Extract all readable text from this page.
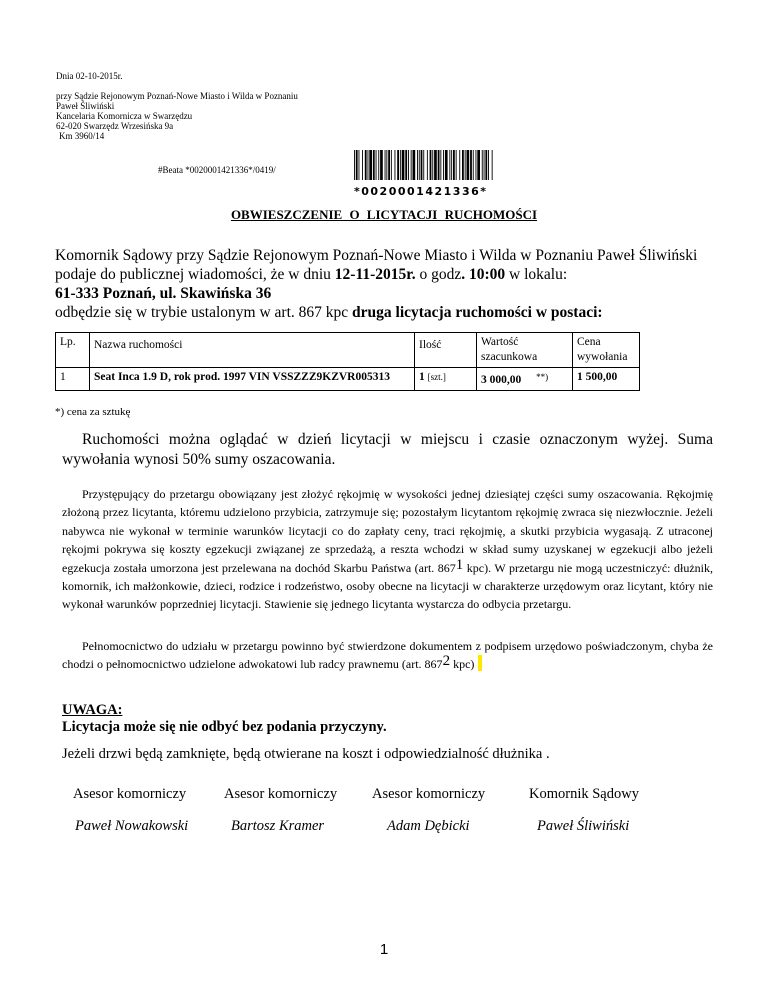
Dnia 02-10-2015r.
przy Sądzie Rejonowym Poznań-Nowe Miasto i Wilda w Poznaniu
Paweł Śliwiński
Kancelaria Komornicza w Swarzędzu
62-020 Swarzędz Wrzesińska 9a
Km 3960/14
#Beata *0020001421336*/0419/
*0020001421336*
OBWIESZCZENIE O LICYTACJI RUCHOMOŚCI
Komornik Sądowy przy Sądzie Rejonowym Poznań-Nowe Miasto i Wilda w Poznaniu Paweł Śliwiński
podaje do publicznej wiadomości, że w dniu 12-11-2015r. o godz. 10:00 w lokalu:
61-333 Poznań, ul. Skawińska 36
odbędzie się w trybie ustalonym w art. 867 kpc druga licytacja ruchomości w postaci:
Lp.	Nazwa ruchomości	Ilość	Wartość szacunkowa	Cena wywołania
1	Seat Inca 1.9 D, rok prod. 1997 VIN VSSZZZ9KZVR005313	1 [szt.]	3 000,00 **)	1 500,00
*) cena za sztukę
Ruchomości można oglądać w dzień licytacji w miejscu i czasie oznaczonym wyżej. Suma wywołania wynosi 50% sumy oszacowania.
Przystępujący do przetargu obowiązany jest złożyć rękojmię w wysokości jednej dziesiątej części sumy oszacowania. Rękojmię złożoną przez licytanta, któremu udzielono przybicia, zatrzymuje się; pozostałym licytantom rękojmię zwraca się niezwłocznie. Jeżeli nabywca nie wykonał w terminie warunków licytacji co do zapłaty ceny, traci rękojmię, a skutki przybicia wygasają. Z utraconej rękojmi pokrywa się koszty egzekucji związanej ze sprzedażą, a reszta wchodzi w skład sumy uzyskanej w egzekucji albo jeżeli egzekucja została umorzona jest przelewana na dochód Skarbu Państwa (art. $867^1$ kpc). W przetargu nie mogą uczestniczyć: dłużnik, komornik, ich małżonkowie, dzieci, rodzice i rodzeństwo, osoby obecne na licytacji w charakterze urzędowym oraz licytant, który nie wykonał warunków poprzedniej licytacji. Stawienie się jednego licytanta wystarcza do odbycia przetargu.
Pełnomocnictwo do udziału w przetargu powinno być stwierdzone dokumentem z podpisem urzędowo poświadczonym, chyba że chodzi o pełnomocnictwo udzielone adwokatowi lub radcy prawnemu (art. $867^2$ kpc)
UWAGA:
Licytacja może się nie odbyć bez podania przyczyny.
Jeżeli drzwi będą zamknięte, będą otwierane na koszt i odpowiedzialność dłużnika .
Asesor komorniczy
Paweł Nowakowski
Asesor komorniczy
Bartosz Kramer
Asesor komorniczy
Adam Dębicki
Komornik Sądowy
Paweł Śliwiński
1
